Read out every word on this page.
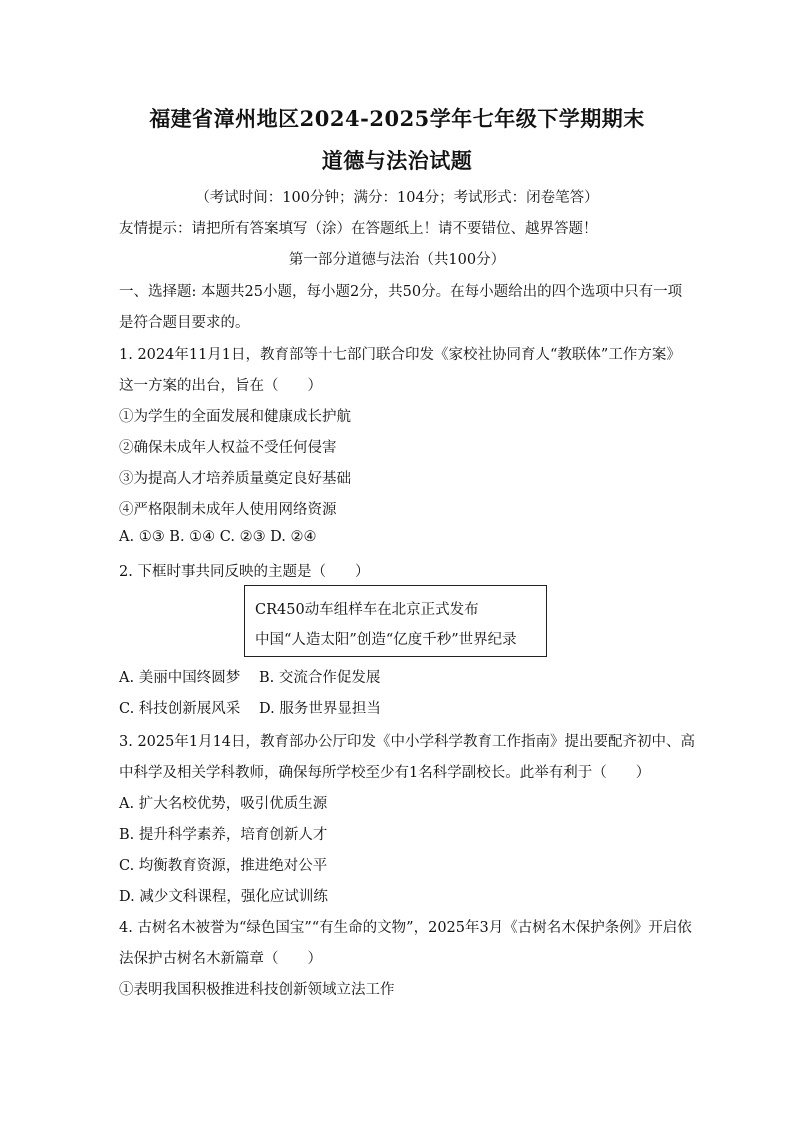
福建省漳州地区2024-2025学年七年级下学期期末
道德与法治试题
（考试时间：100分钟；满分：104分；考试形式：闭卷笔答）
友情提示：请把所有答案填写（涂）在答题纸上！请不要错位、越界答题！
第一部分道德与法治（共100分）
一、选择题: 本题共25小题，每小题2分，共50分。在每小题给出的四个选项中只有一项
是符合题目要求的。
1. 2024年11月1日，教育部等十七部门联合印发《家校社协同育人“教联体”工作方案》
这一方案的出台，旨在（　　）
①为学生的全面发展和健康成长护航
②确保未成年人权益不受任何侵害
③为提高人才培养质量奠定良好基础
④严格限制未成年人使用网络资源
A. ①③ B. ①④ C. ②③ D. ②④
2. 下框时事共同反映的主题是（　　）
CR450动车组样车在北京正式发布
中国“人造太阳”创造“亿度千秒”世界纪录
A. 美丽中国终圆梦 B. 交流合作促发展
C. 科技创新展风采 D. 服务世界显担当
3. 2025年1月14日，教育部办公厅印发《中小学科学教育工作指南》提出要配齐初中、高
中科学及相关学科教师，确保每所学校至少有1名科学副校长。此举有利于（　　）
A. 扩大名校优势，吸引优质生源
B. 提升科学素养，培育创新人才
C. 均衡教育资源，推进绝对公平
D. 减少文科课程，强化应试训练
4. 古树名木被誉为“绿色国宝”“有生命的文物”，2025年3月《古树名木保护条例》开启依
法保护古树名木新篇章（　　）
①表明我国积极推进科技创新领域立法工作
